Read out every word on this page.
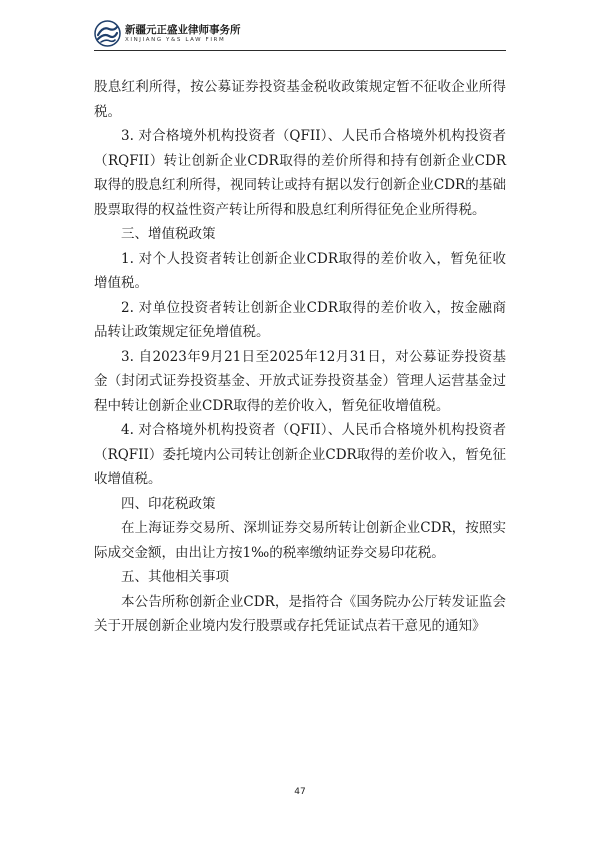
新疆元正盛业律师事务所
XINJIANG Y&S LAW FIRM

股息红利所得，按公募证券投资基金税收政策规定暂不征收企业所得税。

3. 对合格境外机构投资者（QFII）、人民币合格境外机构投资者（RQFII）转让创新企业CDR取得的差价所得和持有创新企业CDR取得的股息红利所得，视同转让或持有据以发行创新企业CDR的基础股票取得的权益性资产转让所得和股息红利所得征免企业所得税。

三、增值税政策

1. 对个人投资者转让创新企业CDR取得的差价收入，暂免征收增值税。

2. 对单位投资者转让创新企业CDR取得的差价收入，按金融商品转让政策规定征免增值税。

3. 自2023年9月21日至2025年12月31日，对公募证券投资基金（封闭式证券投资基金、开放式证券投资基金）管理人运营基金过程中转让创新企业CDR取得的差价收入，暂免征收增值税。

4. 对合格境外机构投资者（QFII）、人民币合格境外机构投资者（RQFII）委托境内公司转让创新企业CDR取得的差价收入，暂免征收增值税。

四、印花税政策

在上海证券交易所、深圳证券交易所转让创新企业CDR，按照实际成交金额，由出让方按1‰的税率缴纳证券交易印花税。

五、其他相关事项

本公告所称创新企业CDR，是指符合《国务院办公厅转发证监会关于开展创新企业境内发行股票或存托凭证试点若干意见的通知》

47
